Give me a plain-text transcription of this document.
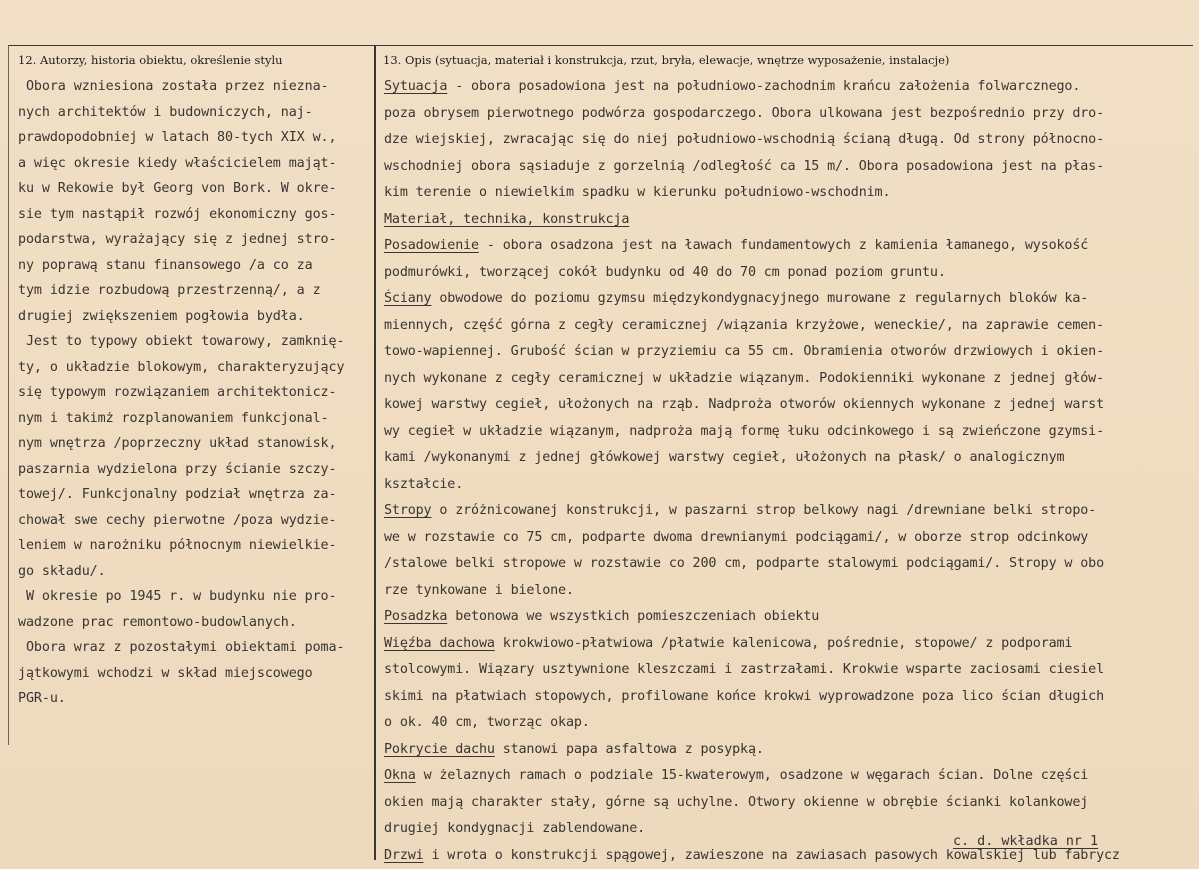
12. Autorzy, historia obiektu, określenie stylu	13. Opis (sytuacja, materiał i konstrukcja, rzut, bryła, elewacje, wnętrze wyposażenie, instalacje)
Obora wzniesiona została przez nieznа-
nych architektów i budowniczych, naj-
prawdopodobniej w latach 80-tych XIX w.,
a więc okresie kiedy właścicielem mająt-
ku w Rekowie był Georg von Bork. W okre-
sie tym nastąpił rozwój ekonomiczny gos-
podarstwa, wyrażający się z jednej stro-
ny poprawą stanu finansowego /a co za
tym idzie rozbudową przestrzenną/, a z
drugiej zwiększeniem pogłowia bydła.
Jest to typowy obiekt towarowy, zamknię-
ty, o układzie blokowym, charakteryzujący
się typowym rozwiązaniem architektonicz-
nym i takimż rozplanowaniem funkcjonal-
nym wnętrza /poprzeczny układ stanowisk,
paszarnia wydzielona przy ścianie szczy-
towej/. Funkcjonalny podział wnętrza za-
chował swe cechy pierwotne /poza wydzie-
leniem w narożniku północnym niewielkie-
go składu/.
W okresie po 1945 r. w budynku nie pro-
wadzone prac remontowo-budowlanych.
Obora wraz z pozostałymi obiektami poma-
jątkowymi wchodzi w skład miejscowego
PGR-u.
Sytuacja - obora posadowiona jest na południowo-zachodnim krańcu założenia folwarcznego.
poza obrysem pierwotnego podwórza gospodarczego. Obora ulkowana jest bezpośrednio przy dro-
dze wiejskiej, zwracając się do niej południowo-wschodnią ścianą długą. Od strony północno-
wschodniej obora sąsiaduje z gorzelnią /odległość ca 15 m/. Obora posadowiona jest na płas-
kim terenie o niewielkim spadku w kierunku południowo-wschodnim.
Materiał, technika, konstrukcja
Posadowienie - obora osadzona jest na ławach fundamentowych z kamienia łamanego, wysokość
podmurówki, tworzącej cokół budynku od 40 do 70 cm ponad poziom gruntu.
Ściany obwodowe do poziomu gzymsu międzykondygnacyjnego murowane z regularnych bloków ka-
miennych, część górna z cegły ceramicznej /wiązania krzyżowe, weneckie/, na zaprawie cemen-
towo-wapiennej. Grubość ścian w przyziemiu ca 55 cm. Obramienia otworów drzwiowych i okien-
nych wykonane z cegły ceramicznej w układzie wiązanym. Podokienniki wykonane z jednej głów-
kowej warstwy cegieł, ułożonych na rząb. Nadproża otworów okiennych wykonane z jednej warst
wy cegieł w układzie wiązanym, nadproża mają formę łuku odcinkowego i są zwieńczone gzymsi-
kami /wykonanymi z jednej główkowej warstwy cegieł, ułożonych na płask/ o analogicznym
kształcie.
Stropy o zróżnicowanej konstrukcji, w paszarni strop belkowy nagi /drewniane belki stropo-
we w rozstawie co 75 cm, podparte dwoma drewnianymi podciągami/, w oborze strop odcinkowy
/stalowe belki stropowe w rozstawie co 200 cm, podparte stalowymi podciągami/. Stropy w obo
rze tynkowane i bielone.
Posadzka betonowa we wszystkich pomieszczeniach obiektu
Więźba dachowa krokwiowo-płatwiowa /płatwie kalenicowa, pośrednie, stopowe/ z podporami
stolcowymi. Wiązary usztywnione kleszczami i zastrzałami. Krokwie wsparte zaciosami ciesiel
skimi na płatwiach stopowych, profilowane końce krokwi wyprowadzone poza lico ścian długich
o ok. 40 cm, tworząc okap.
Pokrycie dachu stanowi papa asfaltowa z posypką.
Okna w żelaznych ramach o podziale 15-kwaterowym, osadzone w węgarach ścian. Dolne części
okien mają charakter stały, górne są uchylne. Otwory okienne w obrębie ścianki kolankowej
drugiej kondygnacji zablendowane.
Drzwi i wrota o konstrukcji spągowej, zawieszone na zawiasach pasowych kowalskiej lub fabrycz
c. d. wkładka nr 1
